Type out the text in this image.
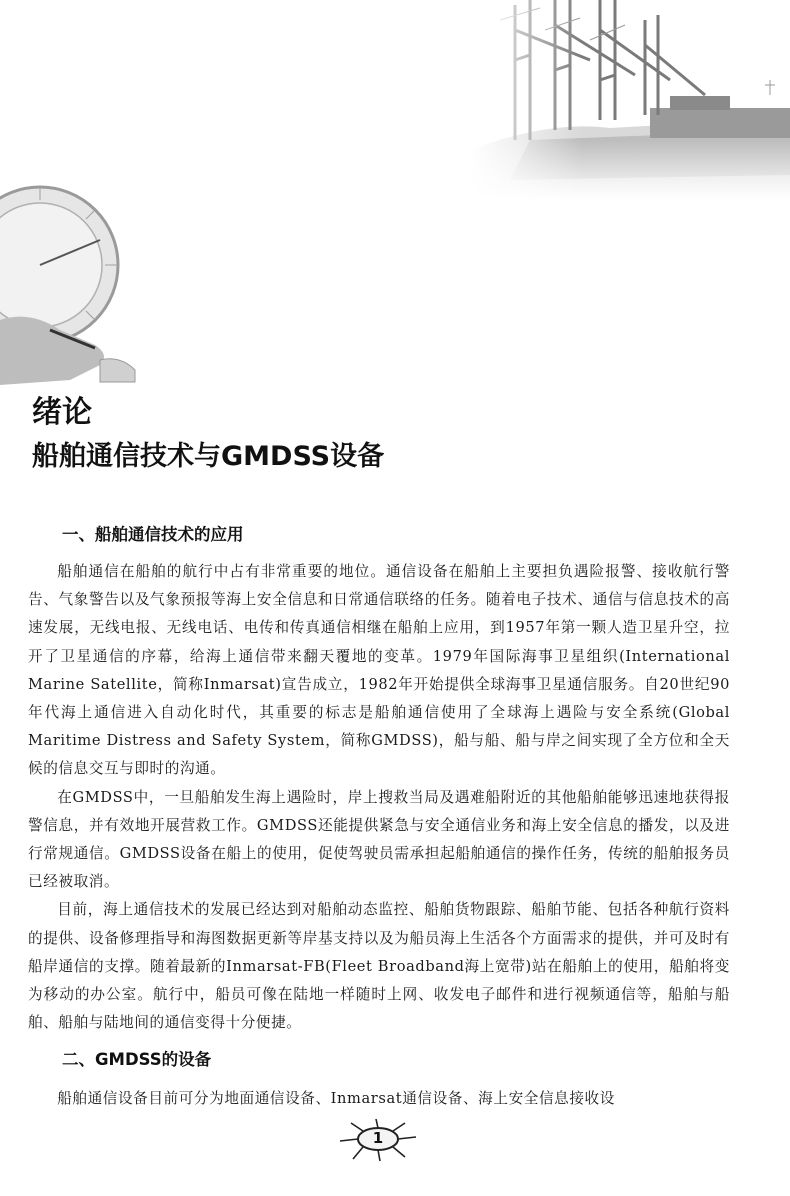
绪论
船舶通信技术与GMDSS设备
一、船舶通信技术的应用

船舶通信在船舶的航行中占有非常重要的地位。通信设备在船舶上主要担负遇险报警、接收航行警告、气象警告以及气象预报等海上安全信息和日常通信联络的任务。随着电子技术、通信与信息技术的高速发展，无线电报、无线电话、电传和传真通信相继在船舶上应用，到1957年第一颗人造卫星升空，拉开了卫星通信的序幕，给海上通信带来翻天覆地的变革。1979年国际海事卫星组织(International Marine Satellite，简称Inmarsat)宣告成立，1982年开始提供全球海事卫星通信服务。自20世纪90年代海上通信进入自动化时代，其重要的标志是船舶通信使用了全球海上遇险与安全系统(Global Maritime Distress and Safety System，简称GMDSS)，船与船、船与岸之间实现了全方位和全天候的信息交互与即时的沟通。

在GMDSS中，一旦船舶发生海上遇险时，岸上搜救当局及遇难船附近的其他船舶能够迅速地获得报警信息，并有效地开展营救工作。GMDSS还能提供紧急与安全通信业务和海上安全信息的播发，以及进行常规通信。GMDSS设备在船上的使用，促使驾驶员需承担起船舶通信的操作任务，传统的船舶报务员已经被取消。

目前，海上通信技术的发展已经达到对船舶动态监控、船舶货物跟踪、船舶节能、包括各种航行资料的提供、设备修理指导和海图数据更新等岸基支持以及为船员海上生活各个方面需求的提供，并可及时有船岸通信的支撑。随着最新的Inmarsat-FB(Fleet Broadband海上宽带)站在船舶上的使用，船舶将变为移动的办公室。航行中，船员可像在陆地一样随时上网、收发电子邮件和进行视频通信等，船舶与船舶、船舶与陆地间的通信变得十分便捷。

二、GMDSS的设备

船舶通信设备目前可分为地面通信设备、Inmarsat通信设备、海上安全信息接收设

1
